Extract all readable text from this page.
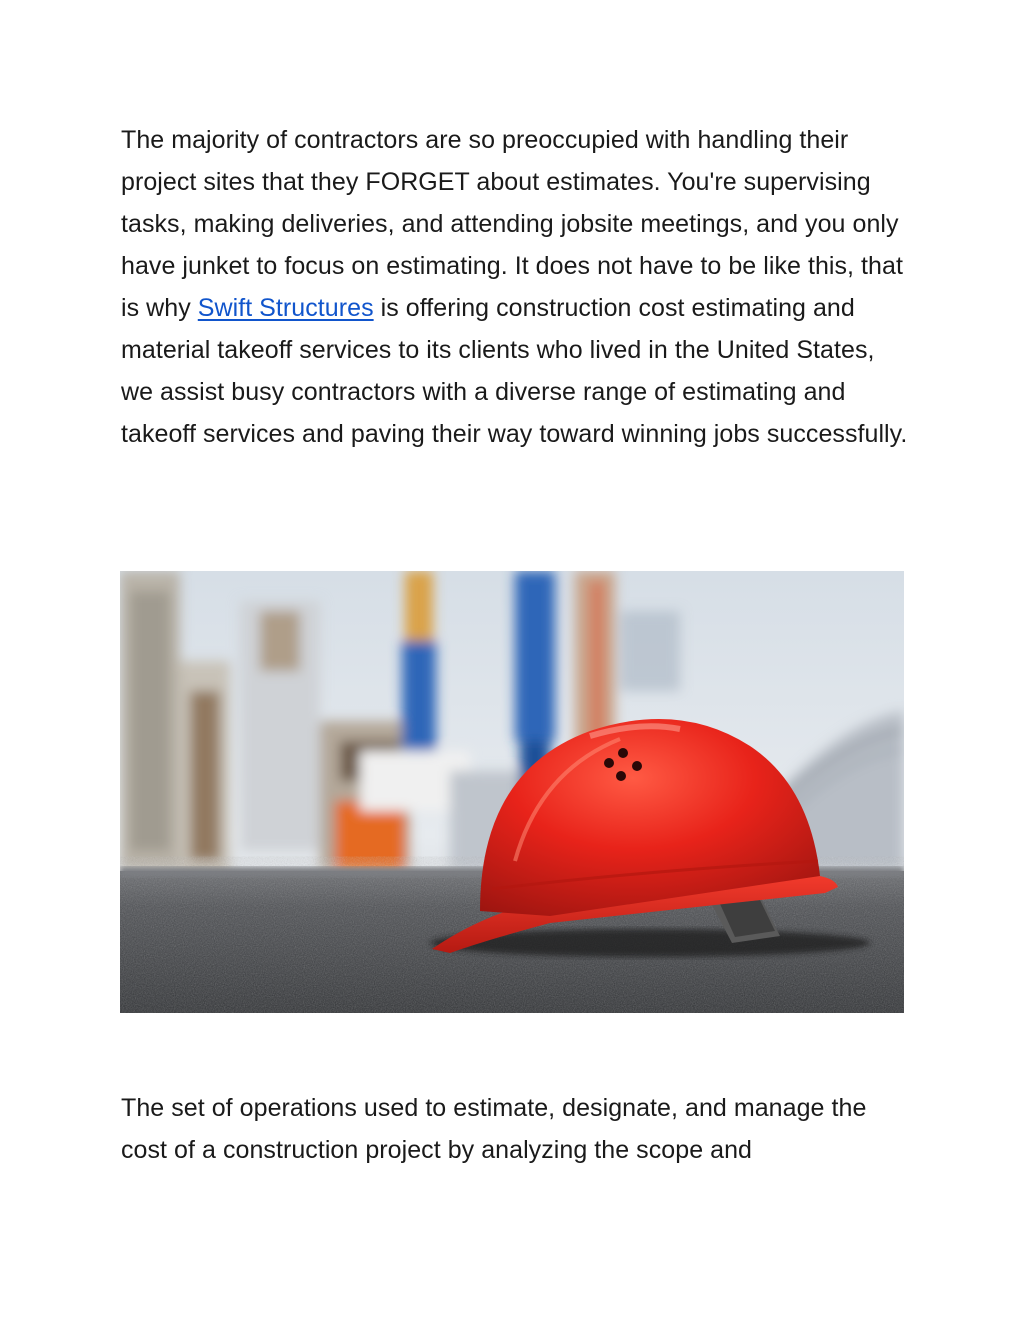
The majority of contractors are so preoccupied with handling their project sites that they FORGET about estimates. You're supervising tasks, making deliveries, and attending jobsite meetings, and you only have junket to focus on estimating. It does not have to be like this, that is why Swift Structures is offering construction cost estimating and material takeoff services to its clients who lived in the United States, we assist busy contractors with a diverse range of estimating and takeoff services and paving their way toward winning jobs successfully.

The set of operations used to estimate, designate, and manage the cost of a construction project by analyzing the scope and
